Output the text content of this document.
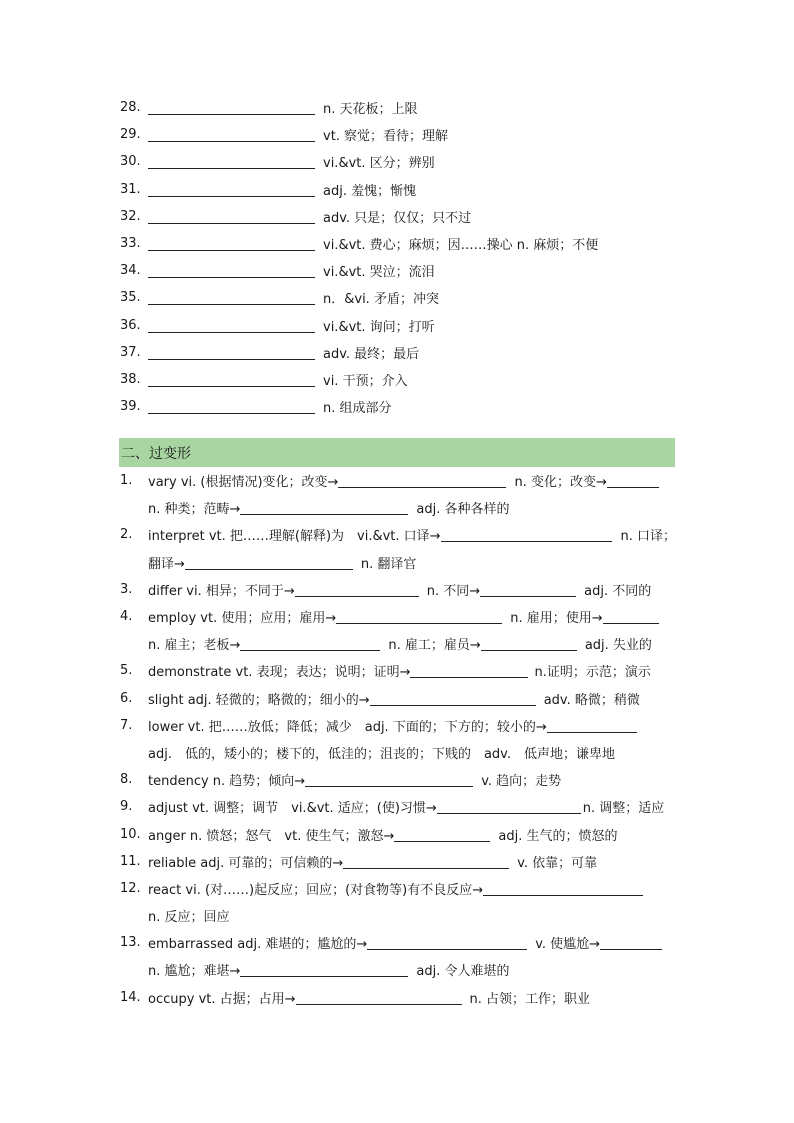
28.	n. 天花板；上限
29.	vt. 察觉；看待；理解
30.	vi.&vt. 区分；辨别
31.	adj. 羞愧；惭愧
32.	adv. 只是；仅仅；只不过
33.	vi.&vt. 费心；麻烦；因……操心 n. 麻烦；不便
34.	vi.&vt. 哭泣；流泪
35.	n．&vi. 矛盾；冲突
36.	vi.&vt. 询问；打听
37.	adv. 最终；最后
38.	vi. 干预；介入
39.	n. 组成部分
二、过变形
1.	vary vi. (根据情况)变化；改变→	n. 变化；改变→
n. 种类；范畴→	adj. 各种各样的
2.	interpret vt. 把……理解(解释)为　vi.&vt. 口译→	n. 口译；
翻译→	n. 翻译官
3.	differ vi. 相异；不同于→	n. 不同→	adj. 不同的
4.	employ vt. 使用；应用；雇用→	n. 雇用；使用→
n. 雇主；老板→	n. 雇工；雇员→	adj. 失业的
5.	demonstrate vt. 表现；表达；说明；证明→	n.证明；示范；演示
6.	slight adj. 轻微的；略微的；细小的→	adv. 略微；稍微
7.	lower vt. 把……放低；降低；减少　adj. 下面的；下方的；较小的→
adj.　低的，矮小的；楼下的，低洼的；沮丧的；下贱的　adv.　低声地；谦卑地
8.	tendency n. 趋势；倾向→	v. 趋向；走势
9.	adjust vt. 调整；调节　vi.&vt. 适应；(使)习惯→	n. 调整；适应
10. anger n. 愤怒；怒气　vt. 使生气；激怒→	adj. 生气的；愤怒的
11. reliable adj. 可靠的；可信赖的→	v. 依靠；可靠
12. react vi. (对……)起反应；回应；(对食物等)有不良反应→
n. 反应；回应
13. embarrassed adj. 难堪的；尴尬的→	v. 使尴尬→
n. 尴尬；难堪→	adj. 令人难堪的
14. occupy vt. 占据；占用→	n. 占领；工作；职业
